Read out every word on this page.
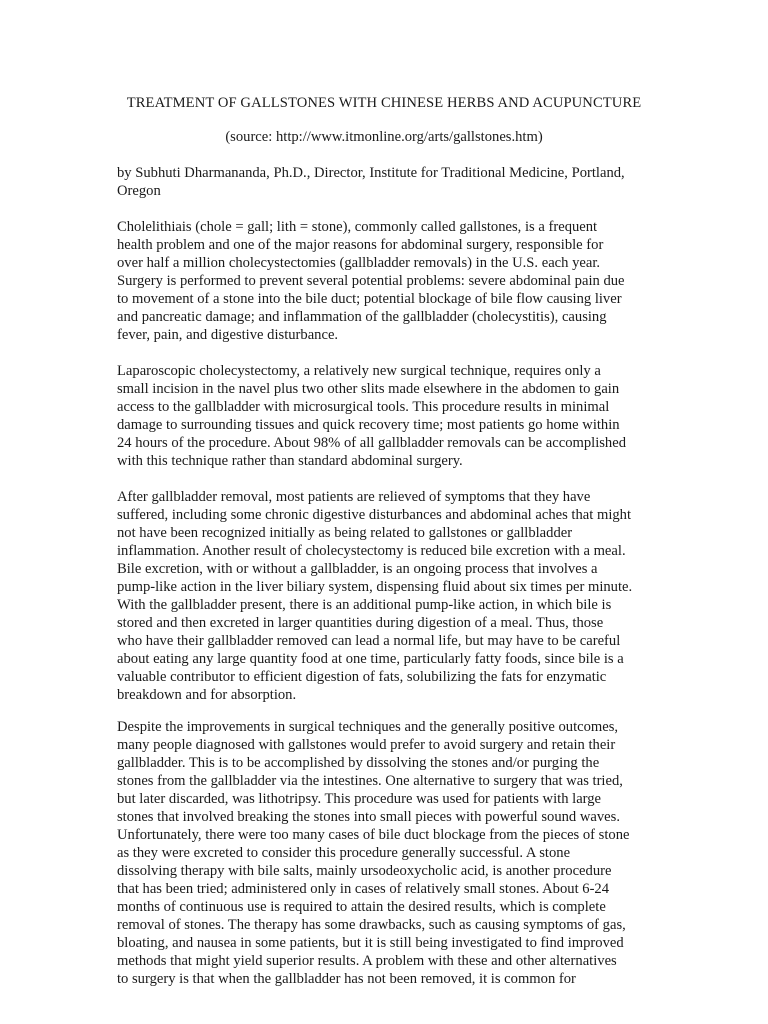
TREATMENT OF GALLSTONES WITH CHINESE HERBS AND ACUPUNCTURE

(source: http://www.itmonline.org/arts/gallstones.htm)

by Subhuti Dharmananda, Ph.D., Director, Institute for Traditional Medicine, Portland,
Oregon

Cholelithiais (chole = gall; lith = stone), commonly called gallstones, is a frequent
health problem and one of the major reasons for abdominal surgery, responsible for
over half a million cholecystectomies (gallbladder removals) in the U.S. each year.
Surgery is performed to prevent several potential problems: severe abdominal pain due
to movement of a stone into the bile duct; potential blockage of bile flow causing liver
and pancreatic damage; and inflammation of the gallbladder (cholecystitis), causing
fever, pain, and digestive disturbance.

Laparoscopic cholecystectomy, a relatively new surgical technique, requires only a
small incision in the navel plus two other slits made elsewhere in the abdomen to gain
access to the gallbladder with microsurgical tools. This procedure results in minimal
damage to surrounding tissues and quick recovery time; most patients go home within
24 hours of the procedure. About 98% of all gallbladder removals can be accomplished
with this technique rather than standard abdominal surgery.

After gallbladder removal, most patients are relieved of symptoms that they have
suffered, including some chronic digestive disturbances and abdominal aches that might
not have been recognized initially as being related to gallstones or gallbladder
inflammation. Another result of cholecystectomy is reduced bile excretion with a meal.
Bile excretion, with or without a gallbladder, is an ongoing process that involves a
pump-like action in the liver biliary system, dispensing fluid about six times per minute.
With the gallbladder present, there is an additional pump-like action, in which bile is
stored and then excreted in larger quantities during digestion of a meal. Thus, those
who have their gallbladder removed can lead a normal life, but may have to be careful
about eating any large quantity food at one time, particularly fatty foods, since bile is a
valuable contributor to efficient digestion of fats, solubilizing the fats for enzymatic
breakdown and for absorption.

Despite the improvements in surgical techniques and the generally positive outcomes,
many people diagnosed with gallstones would prefer to avoid surgery and retain their
gallbladder. This is to be accomplished by dissolving the stones and/or purging the
stones from the gallbladder via the intestines. One alternative to surgery that was tried,
but later discarded, was lithotripsy. This procedure was used for patients with large
stones that involved breaking the stones into small pieces with powerful sound waves.
Unfortunately, there were too many cases of bile duct blockage from the pieces of stone
as they were excreted to consider this procedure generally successful. A stone
dissolving therapy with bile salts, mainly ursodeoxycholic acid, is another procedure
that has been tried; administered only in cases of relatively small stones. About 6-24
months of continuous use is required to attain the desired results, which is complete
removal of stones. The therapy has some drawbacks, such as causing symptoms of gas,
bloating, and nausea in some patients, but it is still being investigated to find improved
methods that might yield superior results. A problem with these and other alternatives
to surgery is that when the gallbladder has not been removed, it is common for
